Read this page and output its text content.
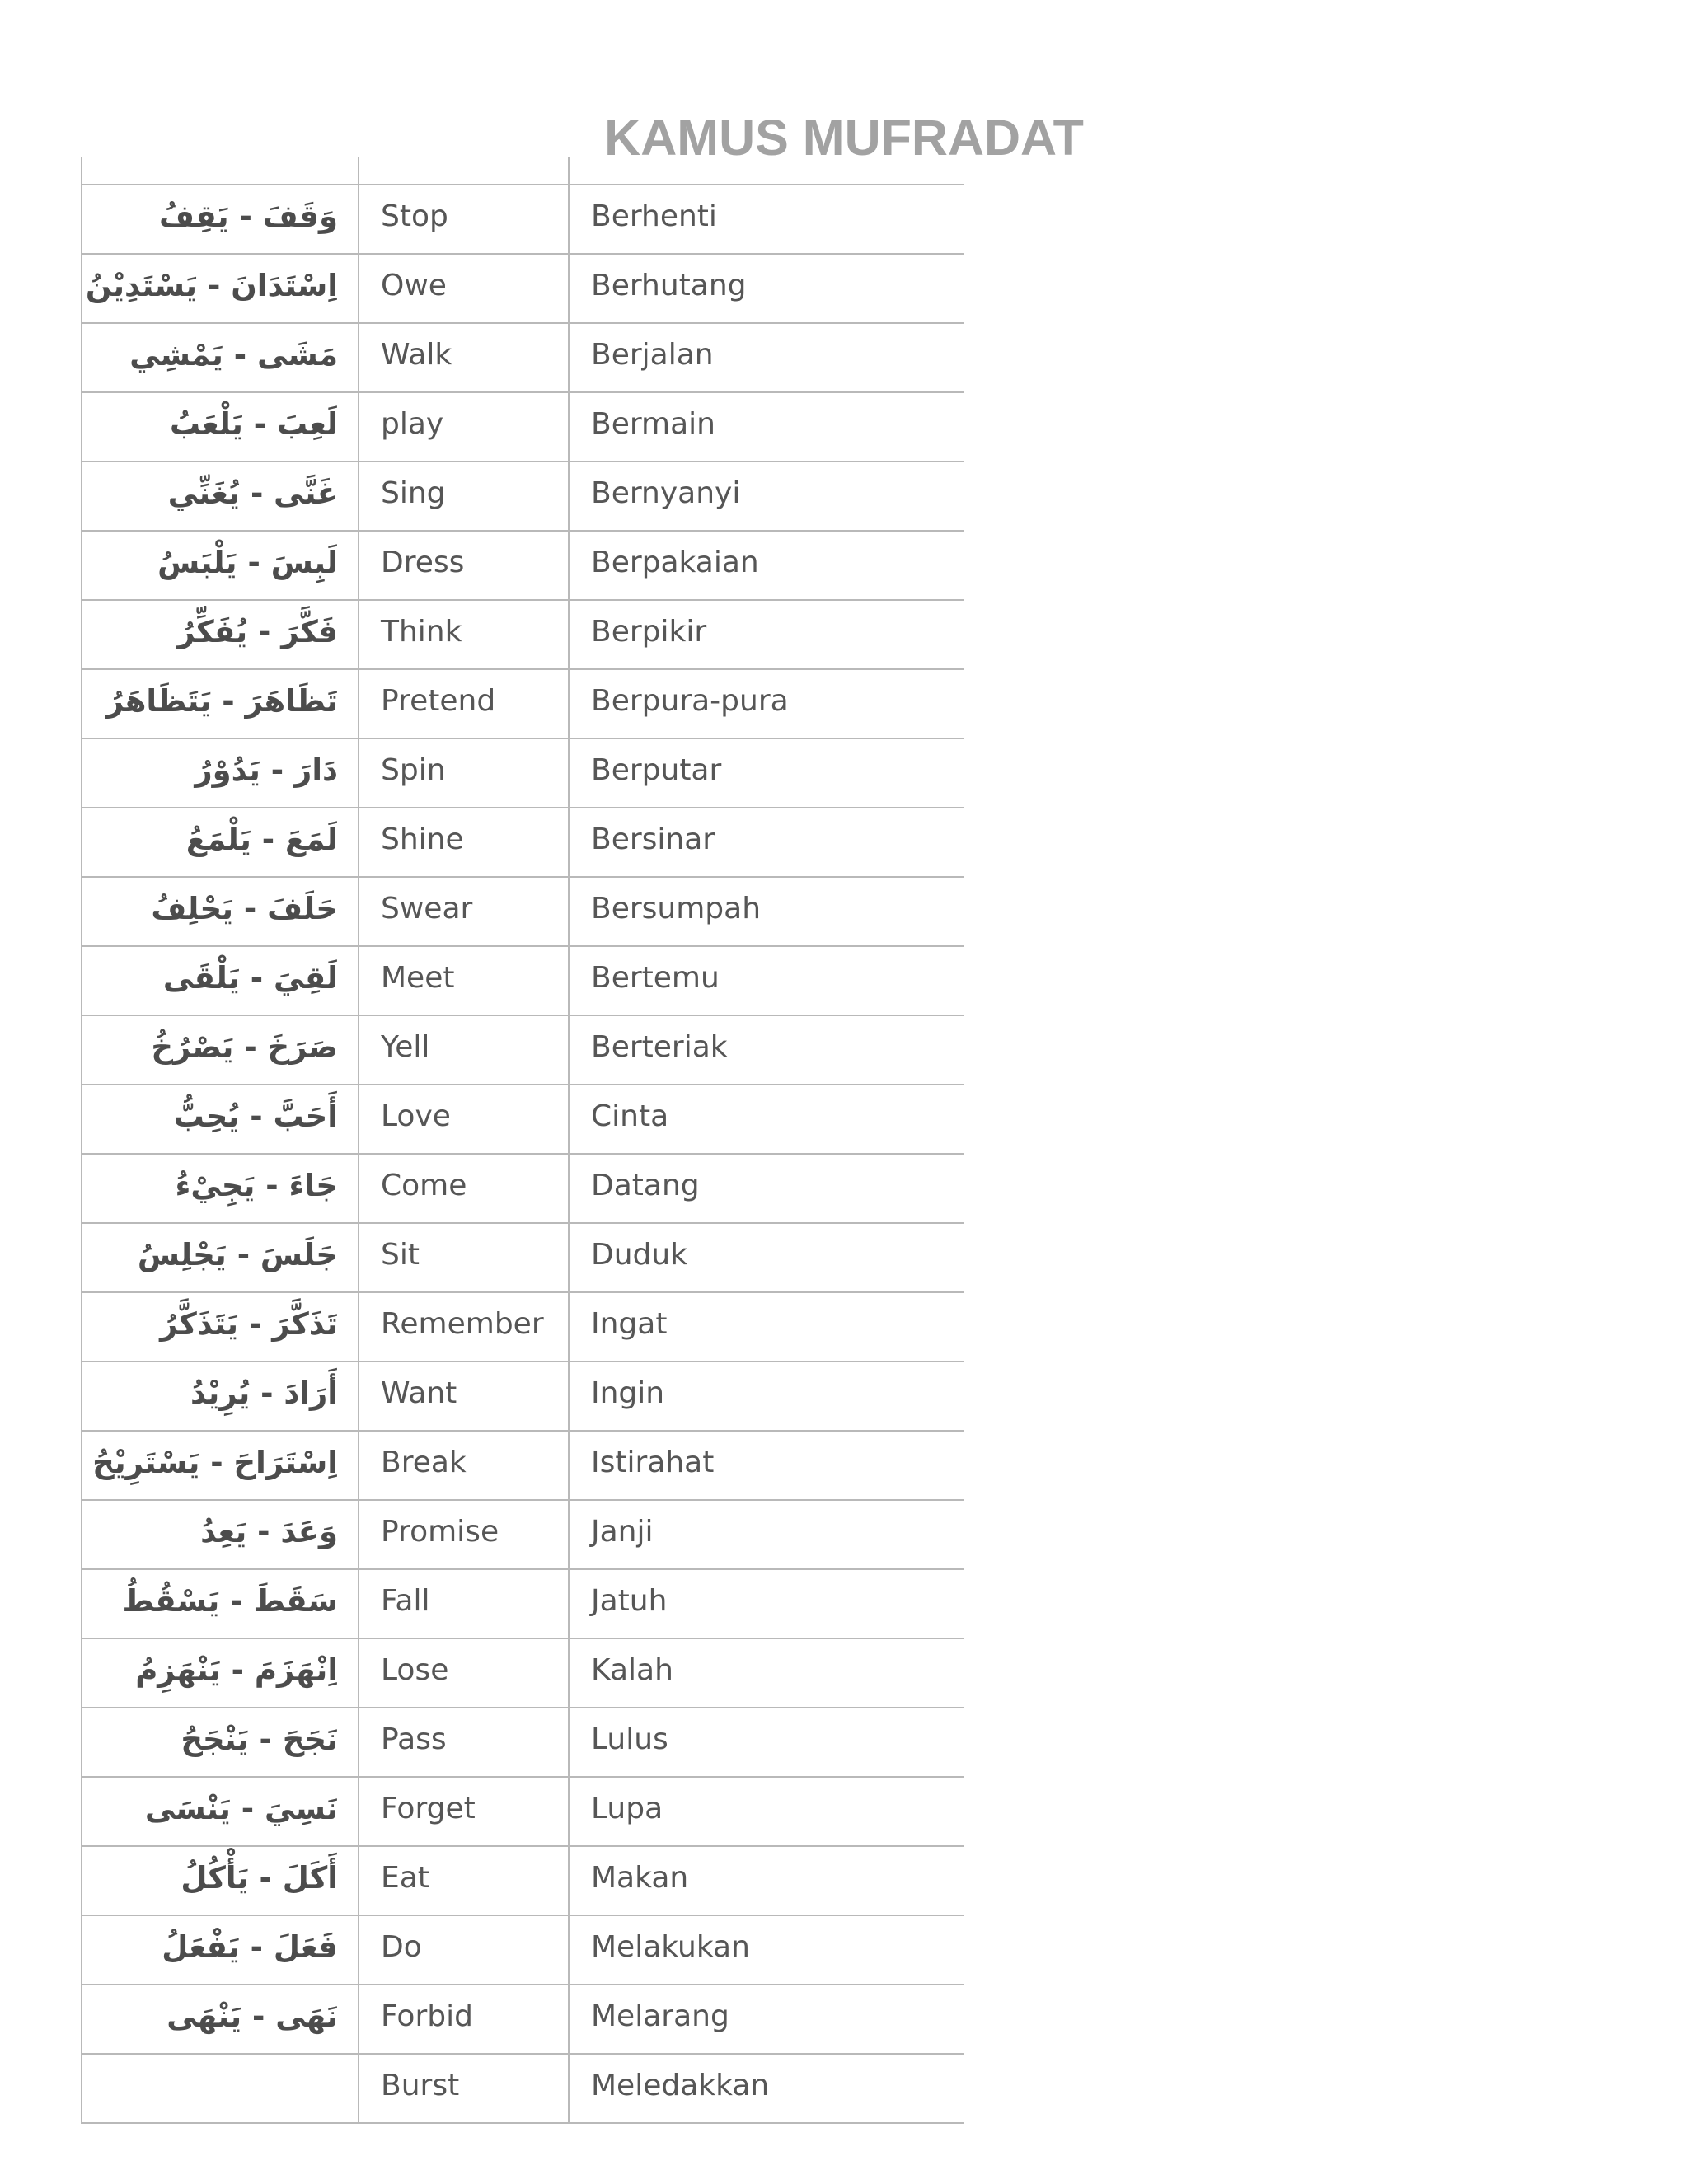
KAMUS MUFRADAT

وَقَفَ - يَقِفُ	Stop	Berhenti

اِسْتَدَانَ - يَسْتَدِيْنُ	Owe	Berhutang

مَشَى - يَمْشِي	Walk	Berjalan

لَعِبَ - يَلْعَبُ	play	Bermain

غَنَّى - يُغَنِّي	Sing	Bernyanyi

لَبِسَ - يَلْبَسُ	Dress	Berpakaian

فَكَّرَ - يُفَكِّرُ	Think	Berpikir

تَظَاهَرَ - يَتَظَاهَرُ	Pretend	Berpura-pura

دَارَ - يَدُوْرُ	Spin	Berputar

لَمَعَ - يَلْمَعُ	Shine	Bersinar

حَلَفَ - يَحْلِفُ	Swear	Bersumpah

لَقِيَ - يَلْقَى	Meet	Bertemu

صَرَخَ - يَصْرُخُ	Yell	Berteriak

أَحَبَّ - يُحِبُّ	Love	Cinta

جَاءَ - يَجِيْءُ	Come	Datang

جَلَسَ - يَجْلِسُ	Sit	Duduk

تَذَكَّرَ - يَتَذَكَّرُ	Remember	Ingat

أَرَادَ - يُرِيْدُ	Want	Ingin

اِسْتَرَاحَ - يَسْتَرِيْحُ	Break	Istirahat

وَعَدَ - يَعِدُ	Promise	Janji

سَقَطَ - يَسْقُطُ	Fall	Jatuh

اِنْهَزَمَ - يَنْهَزِمُ	Lose	Kalah

نَجَحَ - يَنْجَحُ	Pass	Lulus

نَسِيَ - يَنْسَى	Forget	Lupa

أَكَلَ - يَأْكُلُ	Eat	Makan

فَعَلَ - يَفْعَلُ	Do	Melakukan

نَهَى - يَنْهَى	Forbid	Melarang

	Burst	Meledakkan
